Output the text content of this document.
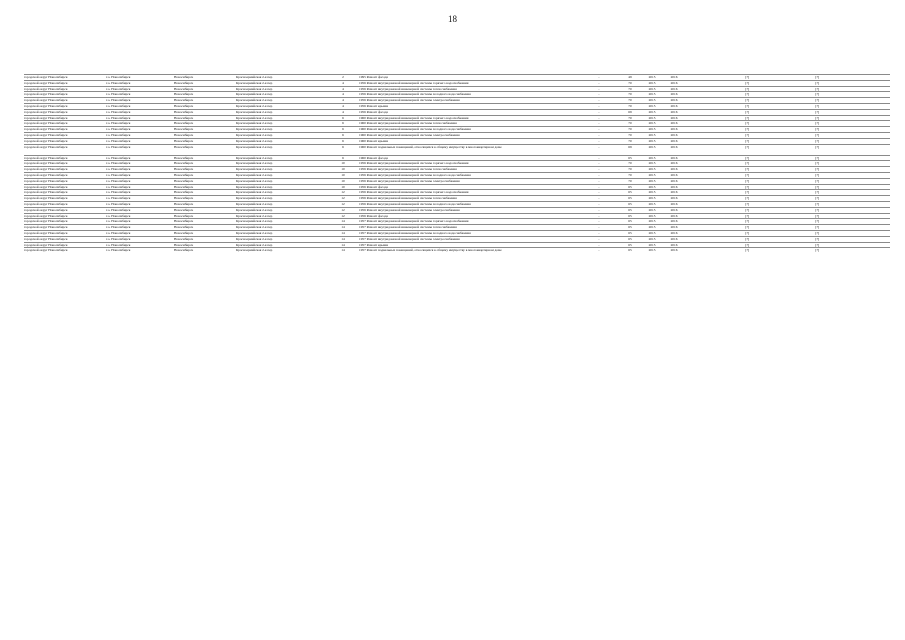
18
городской округ Новосибирск	г.о. Новосибирск	Новосибирск	Красноармейская 2-я пер	2	1995 Ремонт фасада	-	49	2015	2016	[?]	[?]
городской округ Новосибирск	г.о. Новосибирск	Новосибирск	Красноармейская 2-я пер	4	1956 Ремонт внутридомовой инженерной системы горячего водоснабжения	-	70	2015	2016	[?]	[?]
городской округ Новосибирск	г.о. Новосибирск	Новосибирск	Красноармейская 2-я пер	4	1956 Ремонт внутридомовой инженерной системы теплоснабжения	-	70	2015	2016	[?]	[?]
городской округ Новосибирск	г.о. Новосибирск	Новосибирск	Красноармейская 2-я пер	4	1956 Ремонт внутридомовой инженерной системы холодного водоснабжения	-	70	2015	2016	[?]	[?]
городской округ Новосибирск	г.о. Новосибирск	Новосибирск	Красноармейская 2-я пер	4	1956 Ремонт внутридомовой инженерной системы электроснабжения	-	70	2015	2016	[?]	[?]
городской округ Новосибирск	г.о. Новосибирск	Новосибирск	Красноармейская 2-я пер	4	1956 Ремонт крыши	-	70	2015	2016	[?]	[?]
городской округ Новосибирск	г.о. Новосибирск	Новосибирск	Красноармейская 2-я пер	4	1956 Ремонт фасада	-	69	2015	2016	[?]	[?]
городской округ Новосибирск	г.о. Новосибирск	Новосибирск	Красноармейская 2-я пер	6	1960 Ремонт внутридомовой инженерной системы горячего водоснабжения	-	70	2015	2016	[?]	[?]
городской округ Новосибирск	г.о. Новосибирск	Новосибирск	Красноармейская 2-я пер	6	1960 Ремонт внутридомовой инженерной системы теплоснабжения	-	70	2015	2016	[?]	[?]
городской округ Новосибирск	г.о. Новосибирск	Новосибирск	Красноармейская 2-я пер	6	1960 Ремонт внутридомовой инженерной системы холодного водоснабжения	-	70	2015	2016	[?]	[?]
городской округ Новосибирск	г.о. Новосибирск	Новосибирск	Красноармейская 2-я пер	6	1960 Ремонт внутридомовой инженерной системы электроснабжения	-	70	2015	2016	[?]	[?]
городской округ Новосибирск	г.о. Новосибирск	Новосибирск	Красноармейская 2-я пер	6	1960 Ремонт крыши	-	70	2015	2016	[?]	[?]
городской округ Новосибирск	г.о. Новосибирск	Новосибирск	Красноармейская 2-я пер	6	1960 Ремонт подвальных помещений, относящихся к общему имуществу в многоквартирном доме	-	69	2015	2016	[?]	[?]
городской округ Новосибирск	г.о. Новосибирск	Новосибирск	Красноармейская 2-я пер	6	1960 Ремонт фасада	-	65	2015	2016	[?]	[?]
городской округ Новосибирск	г.о. Новосибирск	Новосибирск	Красноармейская 2-я пер	10	1956 Ремонт внутридомовой инженерной системы горячего водоснабжения	-	70	2015	2016	[?]	[?]
городской округ Новосибирск	г.о. Новосибирск	Новосибирск	Красноармейская 2-я пер	10	1956 Ремонт внутридомовой инженерной системы теплоснабжения	-	70	2015	2016	[?]	[?]
городской округ Новосибирск	г.о. Новосибирск	Новосибирск	Красноармейская 2-я пер	10	1956 Ремонт внутридомовой инженерной системы холодного водоснабжения	-	70	2015	2016	[?]	[?]
городской округ Новосибирск	г.о. Новосибирск	Новосибирск	Красноармейская 2-я пер	10	1956 Ремонт внутридомовой инженерной системы электроснабжения	-	70	2015	2016	[?]	[?]
городской округ Новосибирск	г.о. Новосибирск	Новосибирск	Красноармейская 2-я пер	10	1956 Ремонт фасада	-	65	2015	2016	[?]	[?]
городской округ Новосибирск	г.о. Новосибирск	Новосибирск	Красноармейская 2-я пер	12	1956 Ремонт внутридомовой инженерной системы горячего водоснабжения	-	65	2015	2016	[?]	[?]
городской округ Новосибирск	г.о. Новосибирск	Новосибирск	Красноармейская 2-я пер	12	1956 Ремонт внутридомовой инженерной системы теплоснабжения	-	65	2015	2016	[?]	[?]
городской округ Новосибирск	г.о. Новосибирск	Новосибирск	Красноармейская 2-я пер	12	1956 Ремонт внутридомовой инженерной системы холодного водоснабжения	-	65	2015	2016	[?]	[?]
городской округ Новосибирск	г.о. Новосибирск	Новосибирск	Красноармейская 2-я пер	12	1956 Ремонт внутридомовой инженерной системы электроснабжения	-	65	2015	2016	[?]	[?]
городской округ Новосибирск	г.о. Новосибирск	Новосибирск	Красноармейская 2-я пер	12	1956 Ремонт фасада	-	65	2015	2016	[?]	[?]
городской округ Новосибирск	г.о. Новосибирск	Новосибирск	Красноармейская 2-я пер	14	1957 Ремонт внутридомовой инженерной системы горячего водоснабжения	-	65	2015	2016	[?]	[?]
городской округ Новосибирск	г.о. Новосибирск	Новосибирск	Красноармейская 2-я пер	14	1957 Ремонт внутридомовой инженерной системы теплоснабжения	-	65	2015	2016	[?]	[?]
городской округ Новосибирск	г.о. Новосибирск	Новосибирск	Красноармейская 2-я пер	14	1957 Ремонт внутридомовой инженерной системы холодного водоснабжения	-	65	2015	2016	[?]	[?]
городской округ Новосибирск	г.о. Новосибирск	Новосибирск	Красноармейская 2-я пер	14	1957 Ремонт внутридомовой инженерной системы электроснабжения	-	65	2015	2016	[?]	[?]
городской округ Новосибирск	г.о. Новосибирск	Новосибирск	Красноармейская 2-я пер	14	1957 Ремонт крыши	-	65	2015	2016	[?]	[?]
городской округ Новосибирск	г.о. Новосибирск	Новосибирск	Красноармейская 2-я пер	14	1957 Ремонт подвальных помещений, относящихся к общему имуществу в многоквартирном доме	-	65	2015	2016	[?]	[?]
